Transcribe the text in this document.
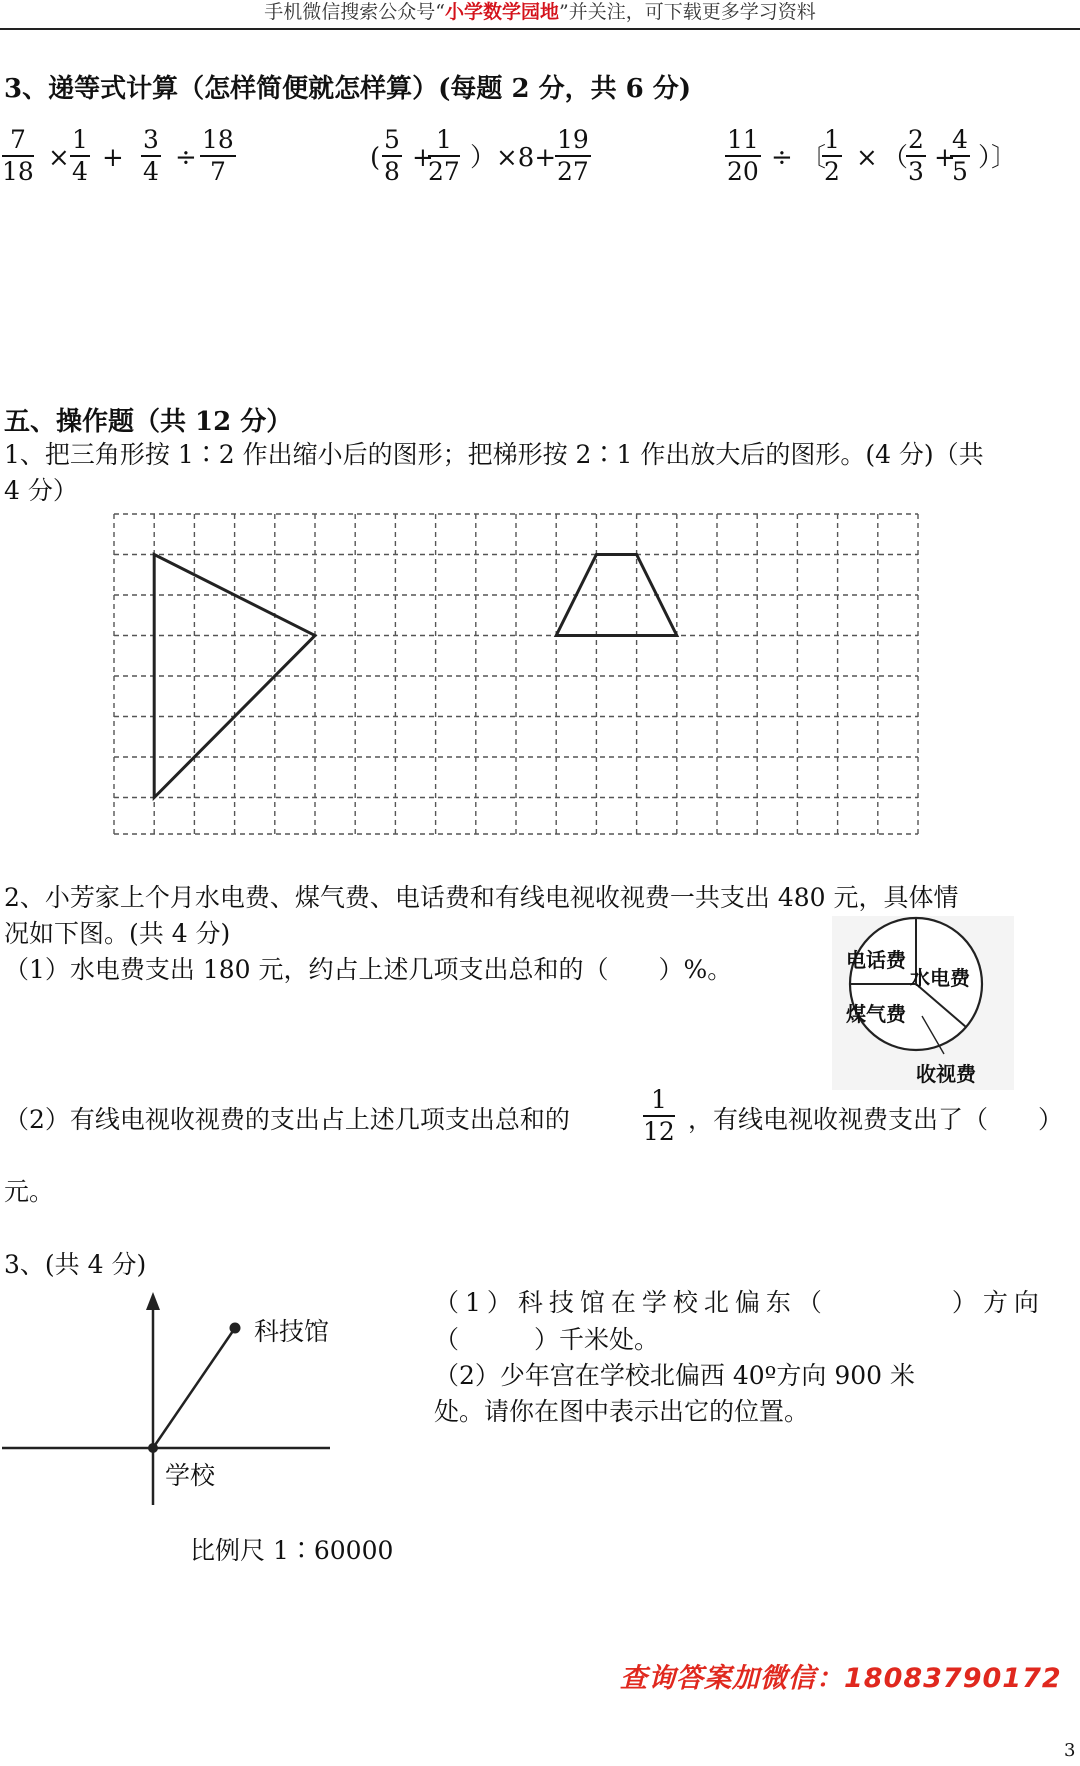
手机微信搜索公众号“小学数学园地”并关注，可下载更多学习资料
3、递等式计算（怎样简便就怎样算）(每题 2 分，共 6 分)
$\frac{7}{18} \times \frac{1}{4} + \frac{3}{4} \div \frac{18}{7}$	( $\frac{5}{8}$ +
$\frac{1}{27} )\times 8+$
$\frac{19}{27}$	$\frac{11}{20}$ ÷ 〔
$\frac{1}{2}$ × （
$\frac{2}{3}$ +
$\frac{4}{5}$ ）〕
五、操作题（共 12 分）
1、把三角形按 1∶2 作出缩小后的图形；把梯形按 2∶1 作出放大后的图形。(4 分)（共
4 分）
2、小芳家上个月水电费、煤气费、电话费和有线电视收视费一共支出 480 元，具体情
况如下图。(共 4 分)
（1）水电费支出 180 元，约占上述几项支出总和的（　　）%。	电话费
水电费
煤气费
收视费
（2）有线电视收视费的支出占上述几项支出总和的	$\frac{1}{12}$ ，有线电视收视费支出了（　　）
元。
3、(共 4 分)
科技馆
学校
比例尺 1∶60000
（1）科技馆在学校北偏东（　　　　）方向
（　　　）千米处。
（2）少年宫在学校北偏西 40º方向 900 米
处。请你在图中表示出它的位置。
查询答案加微信：18083790172
3
